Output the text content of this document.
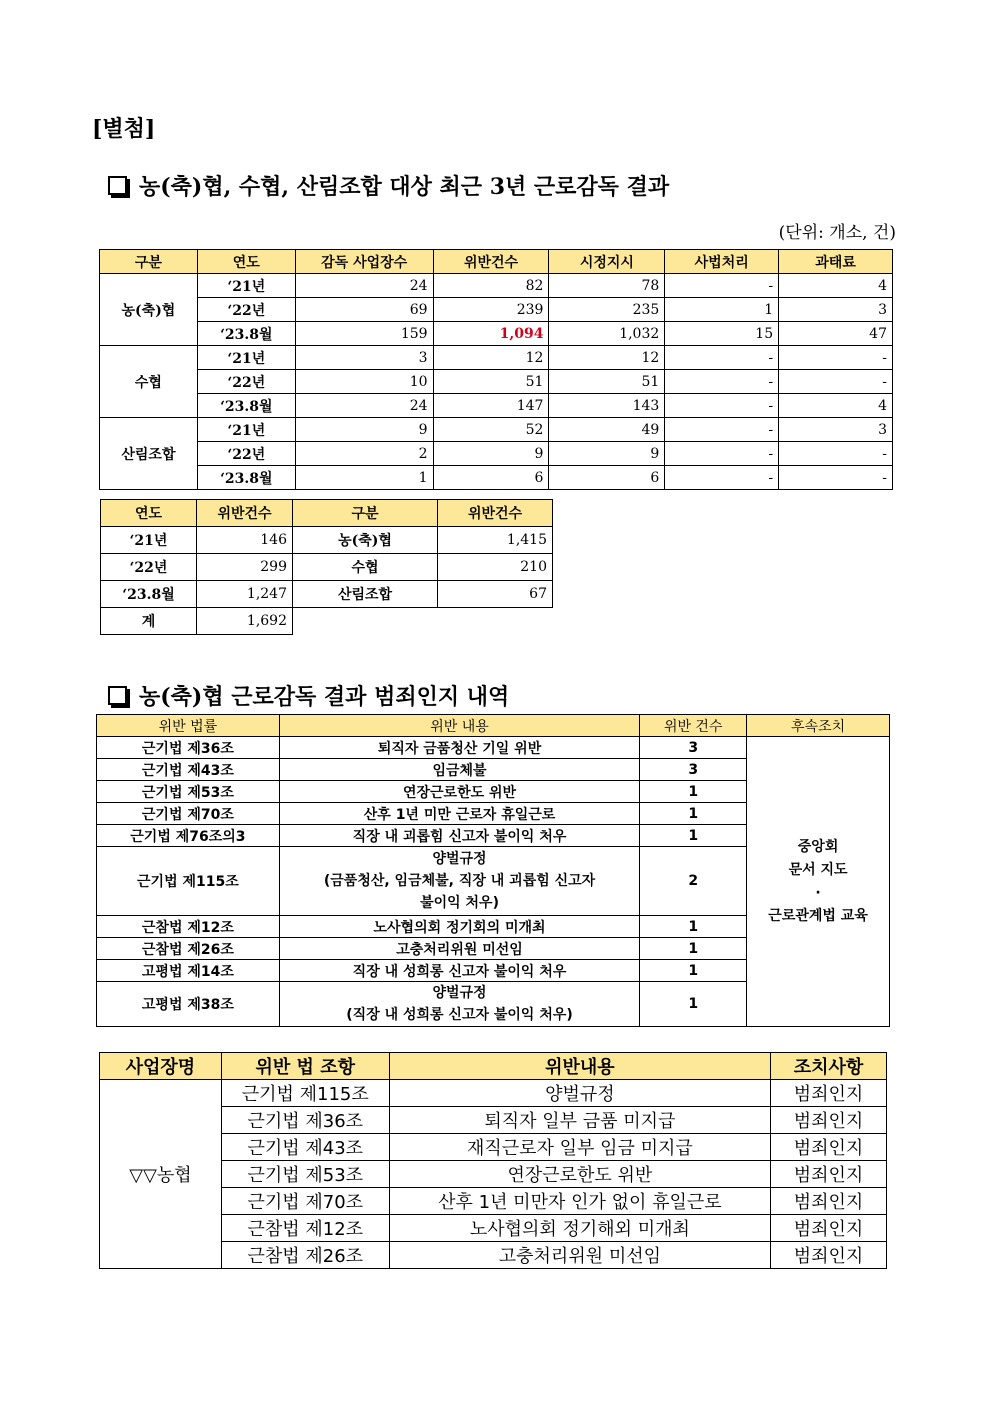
[별첨]
농(축)협, 수협, 산림조합 대상 최근 3년 근로감독 결과
(단위: 개소, 건)
구분	연도	감독 사업장수	위반건수	시정지시	사법처리	과태료
농(축)협	‘21년	24	82	78	-	4
	‘22년	69	239	235	1	3
	‘23.8월	159	1,094	1,032	15	47
수협	‘21년	3	12	12	-	-
	‘22년	10	51	51	-	-
	‘23.8월	24	147	143	-	4
산림조합	‘21년	9	52	49	-	3
	‘22년	2	9	9	-	-
	‘23.8월	1	6	6	-	-
연도	위반건수	구분	위반건수
‘21년	146	농(축)협	1,415
‘22년	299	수협	210
‘23.8월	1,247	산림조합	67
계	1,692		
농(축)협 근로감독 결과 범죄인지 내역
위반 법률	위반 내용	위반 건수	후속조치
근기법 제36조	퇴직자 금품청산 기일 위반	3	중앙회
문서 지도
·
근로관계법 교육

근기법 제43조	임금체불	3	
근기법 제53조	연장근로한도 위반	1	
근기법 제70조	산후 1년 미만 근로자 휴일근로	1	
근기법 제76조의3	직장 내 괴롭힘 신고자 불이익 처우	1	
근기법 제115조	양벌규정
(금품청산, 임금체불, 직장 내 괴롭힘 신고자
불이익 처우)	2	
근참법 제12조	노사협의회 정기회의 미개최	1	
근참법 제26조	고충처리위원 미선임	1	
고평법 제14조	직장 내 성희롱 신고자 불이익 처우	1	
고평법 제38조	양벌규정
(직장 내 성희롱 신고자 불이익 처우)	1	
사업장명	위반 법 조항	위반내용	조치사항
▽▽농협	근기법 제115조	양벌규정	범죄인지
	근기법 제36조	퇴직자 일부 금품 미지급	범죄인지
	근기법 제43조	재직근로자 일부 임금 미지급	범죄인지
	근기법 제53조	연장근로한도 위반	범죄인지
	근기법 제70조	산후 1년 미만자 인가 없이 휴일근로	범죄인지
	근참법 제12조	노사협의회 정기해외 미개최	범죄인지
	근참법 제26조	고충처리위원 미선임	범죄인지
